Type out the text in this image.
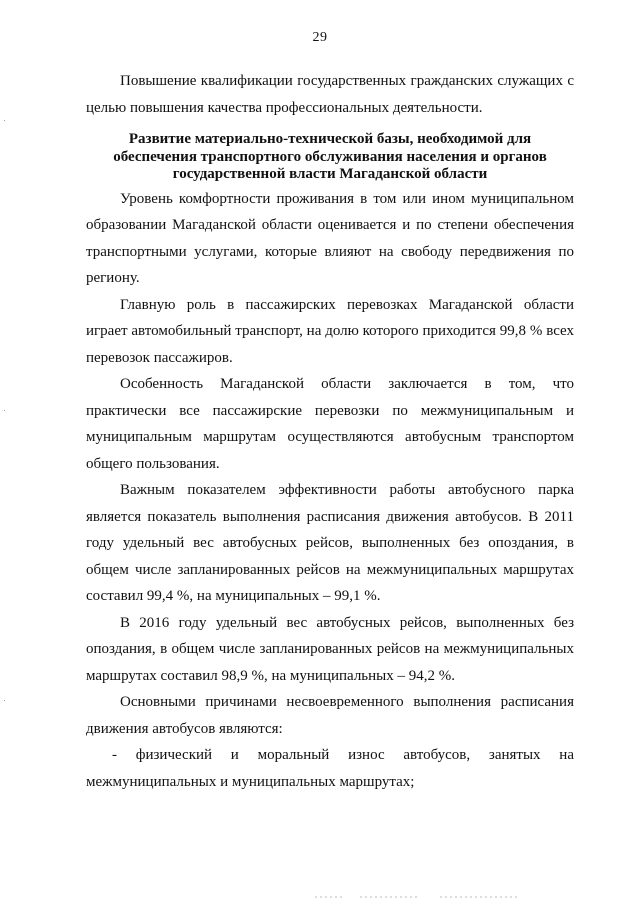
29

Повышение квалификации государственных гражданских служащих с целью повышения качества профессиональных деятельности.

Развитие материально-технической базы, необходимой для
обеспечения транспортного обслуживания населения и органов
государственной власти Магаданской области

Уровень комфортности проживания в том или ином муниципальном образовании Магаданской области оценивается и по степени обеспечения транспортными услугами, которые влияют на свободу передвижения по региону.

Главную роль в пассажирских перевозках Магаданской области играет автомобильный транспорт, на долю которого приходится 99,8 % всех перевозок пассажиров.

Особенность Магаданской области заключается в том, что практически все пассажирские перевозки по межмуниципальным и муниципальным маршрутам осуществляются автобусным транспортом общего пользования.

Важным показателем эффективности работы автобусного парка является показатель выполнения расписания движения автобусов. В 2011 году удельный вес автобусных рейсов, выполненных без опоздания, в общем числе запланированных рейсов на межмуниципальных маршрутах составил 99,4 %, на муниципальных – 99,1 %.

В 2016 году удельный вес автобусных рейсов, выполненных без опоздания, в общем числе запланированных рейсов на межмуниципальных маршрутах составил 98,9 %, на муниципальных – 94,2 %.

Основными причинами несвоевременного выполнения расписания движения автобусов являются:

- физический и моральный износ автобусов, занятых на межмуниципальных и муниципальных маршрутах;
